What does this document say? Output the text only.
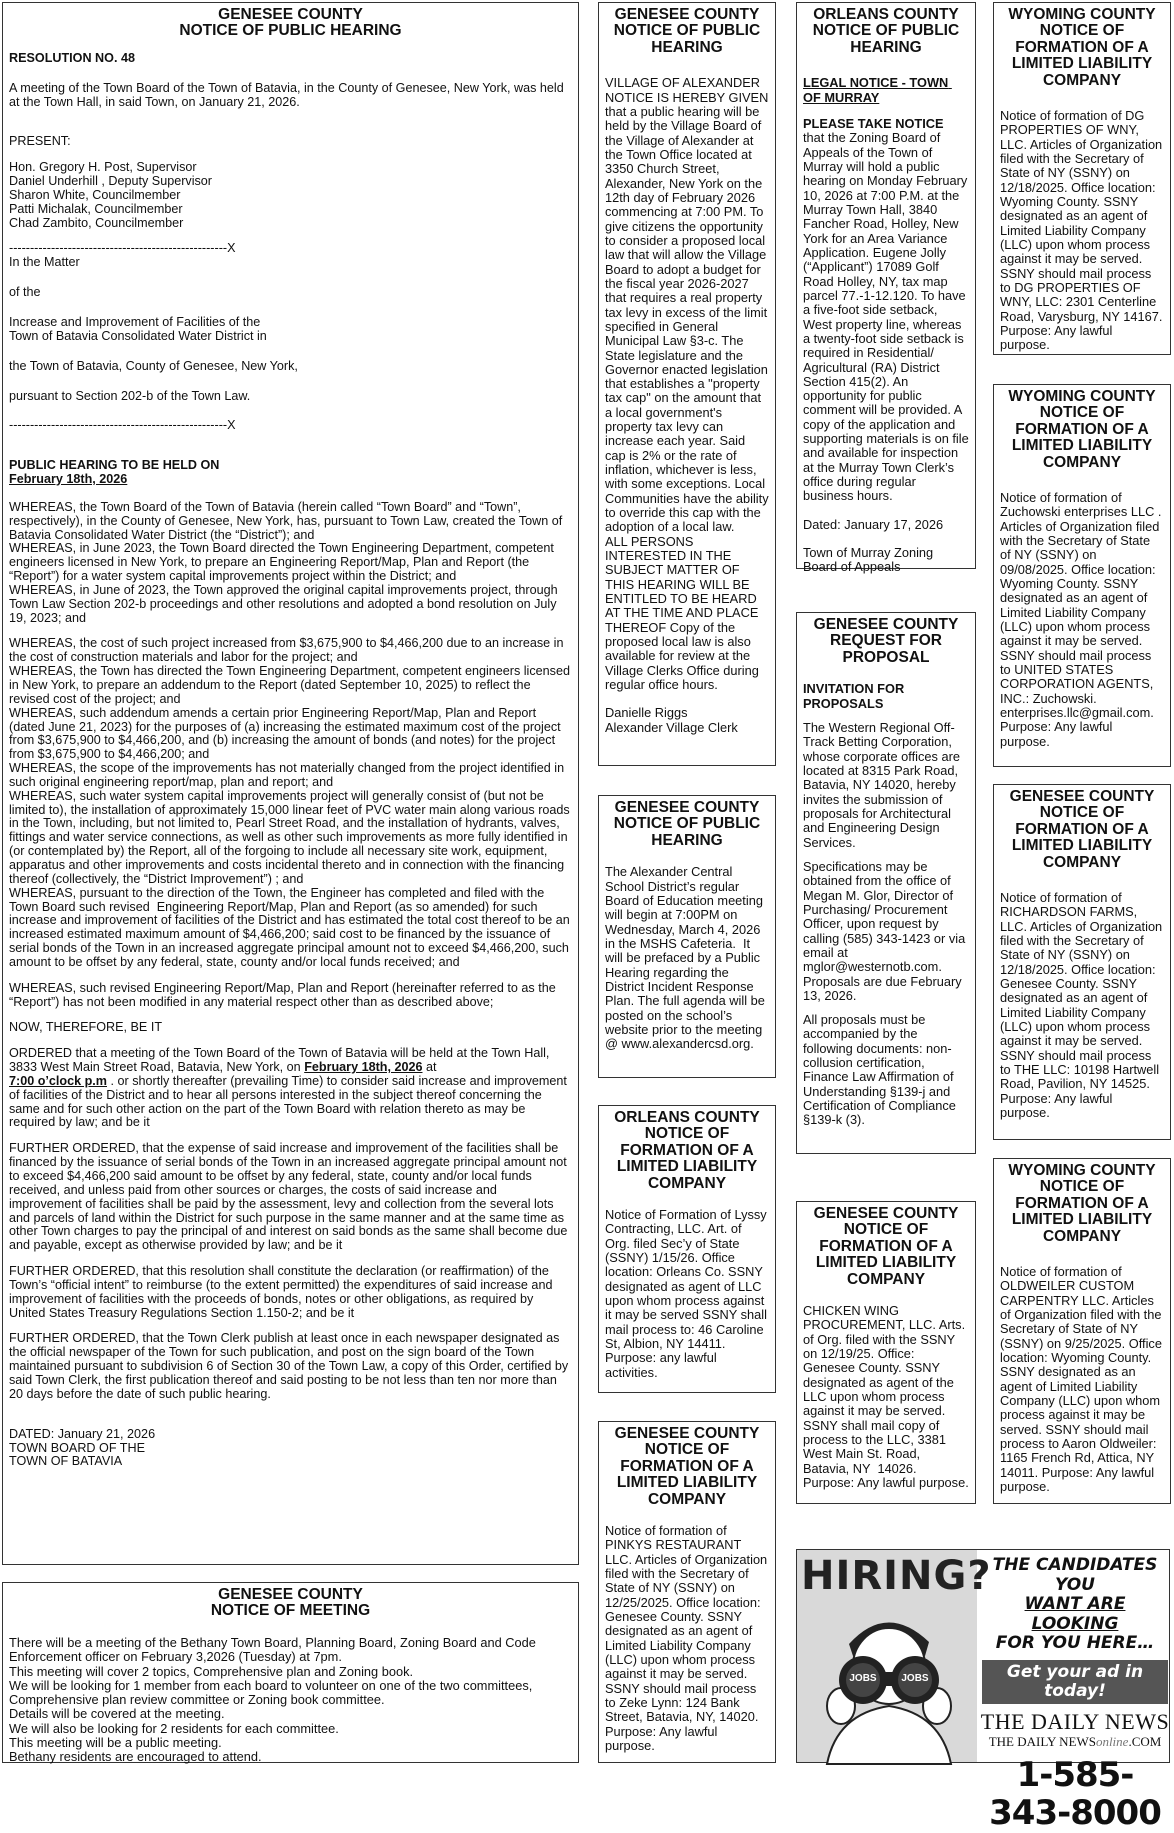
GENESEE COUNTY
NOTICE OF PUBLIC HEARING
RESOLUTION NO. 48
A meeting of the Town Board of the Town of Batavia, in the County of Genesee, New York, was held at the Town Hall, in said Town, on January 21, 2026.
PRESENT:
Hon. Gregory H. Post, Supervisor
Daniel Underhill , Deputy Supervisor
Sharon White, Councilmember
Patti Michalak, Councilmember
Chad Zambito, Councilmember
----------------------------------------------------X
In the Matter
of the
Increase and Improvement of Facilities of the
Town of Batavia Consolidated Water District in
the Town of Batavia, County of Genesee, New York,
pursuant to Section 202-b of the Town Law.
----------------------------------------------------X
PUBLIC HEARING TO BE HELD ON
February 18th, 2026
WHEREAS, the Town Board of the Town of Batavia (herein called “Town Board” and “Town”, respectively), in the County of Genesee, New York, has, pursuant to Town Law, created the Town of Batavia Consolidated Water District (the “District”); and
WHEREAS, in June 2023, the Town Board directed the Town Engineering Department, competent engineers licensed in New York, to prepare an Engineering Report/Map, Plan and Report (the “Report”) for a water system capital improvements project within the District; and
WHEREAS, in June of 2023, the Town approved the original capital improvements project, through Town Law Section 202-b proceedings and other resolutions and adopted a bond resolution on July 19, 2023; and
WHEREAS, the cost of such project increased from $3,675,900 to $4,466,200 due to an increase in the cost of construction materials and labor for the project; and
WHEREAS, the Town has directed the Town Engineering Department, competent engineers licensed in New York, to prepare an addendum to the Report (dated September 10, 2025) to reflect the revised cost of the project; and
WHEREAS, such addendum amends a certain prior Engineering Report/Map, Plan and Report (dated June 21, 2023) for the purposes of (a) increasing the estimated maximum cost of the project from $3,675,900 to $4,466,200, and (b) increasing the amount of bonds (and notes) for the project from $3,675,900 to $4,466,200; and
WHEREAS, the scope of the improvements has not materially changed from the project identified in such original engineering report/map, plan and report; and
WHEREAS, such water system capital improvements project will generally consist of (but not be limited to), the installation of approximately 15,000 linear feet of PVC water main along various roads in the Town, including, but not limited to, Pearl Street Road, and the installation of hydrants, valves, fittings and water service connections, as well as other such improvements as more fully identified in (or contemplated by) the Report, all of the forgoing to include all necessary site work, equipment, apparatus and other improvements and costs incidental thereto and in connection with the financing thereof (collectively, the “District Improvement”) ; and
WHEREAS, pursuant to the direction of the Town, the Engineer has completed and filed with the Town Board such revised  Engineering Report/Map, Plan and Report (as so amended) for such increase and improvement of facilities of the District and has estimated the total cost thereof to be an increased estimated maximum amount of $4,466,200; said cost to be financed by the issuance of serial bonds of the Town in an increased aggregate principal amount not to exceed $4,466,200, such amount to be offset by any federal, state, county and/or local funds received; and
WHEREAS, such revised Engineering Report/Map, Plan and Report (hereinafter referred to as the “Report”) has not been modified in any material respect other than as described above;
NOW, THEREFORE, BE IT
ORDERED that a meeting of the Town Board of the Town of Batavia will be held at the Town Hall, 3833 West Main Street Road, Batavia, New York, on February 18th, 2026 at
7:00 o’clock p.m . or shortly thereafter (prevailing Time) to consider said increase and improvement of facilities of the District and to hear all persons interested in the subject thereof concerning the same and for such other action on the part of the Town Board with relation thereto as may be required by law; and be it
FURTHER ORDERED, that the expense of said increase and improvement of the facilities shall be financed by the issuance of serial bonds of the Town in an increased aggregate principal amount not to exceed $4,466,200 said amount to be offset by any federal, state, county and/or local funds received, and unless paid from other sources or charges, the costs of said increase and improvement of facilities shall be paid by the assessment, levy and collection from the several lots and parcels of land within the District for such purpose in the same manner and at the same time as other Town charges to pay the principal of and interest on said bonds as the same shall become due and payable, except as otherwise provided by law; and be it
FURTHER ORDERED, that this resolution shall constitute the declaration (or reaffirmation) of the Town’s “official intent” to reimburse (to the extent permitted) the expenditures of said increase and improvement of facilities with the proceeds of bonds, notes or other obligations, as required by United States Treasury Regulations Section 1.150-2; and be it
FURTHER ORDERED, that the Town Clerk publish at least once in each newspaper designated as the official newspaper of the Town for such publication, and post on the sign board of the Town maintained pursuant to subdivision 6 of Section 30 of the Town Law, a copy of this Order, certified by said Town Clerk, the first publication thereof and said posting to be not less than ten nor more than 20 days before the date of such public hearing.
DATED: January 21, 2026
TOWN BOARD OF THE
TOWN OF BATAVIA
GENESEE COUNTY
NOTICE OF MEETING
There will be a meeting of the Bethany Town Board, Planning Board, Zoning Board and Code Enforcement officer on February 3,2026 (Tuesday) at 7pm.
This meeting will cover 2 topics, Comprehensive plan and Zoning book.
We will be looking for 1 member from each board to volunteer on one of the two committees, Comprehensive plan review committee or Zoning book committee.
Details will be covered at the meeting.
We will also be looking for 2 residents for each committee.
This meeting will be a public meeting.
Bethany residents are encouraged to attend.
GENESEE COUNTY
NOTICE OF PUBLIC
HEARING
VILLAGE OF ALEXANDER NOTICE IS HEREBY GIVEN that a public hearing will be held by the Village Board of the Village of Alexander at the Town Office located at 3350 Church Street, Alexander, New York on the 12th day of February 2026 commencing at 7:00 PM. To give citizens the opportunity to consider a proposed local law that will allow the Village Board to adopt a budget for the fiscal year 2026-2027 that requires a real property tax levy in excess of the limit specified in General Municipal Law §3-c. The State legislature and the Governor enacted legislation that establishes a "property tax cap" on the amount that a local government's property tax levy can increase each year. Said cap is 2% or the rate of inflation, whichever is less, with some exceptions. Local Communities have the ability to override this cap with the adoption of a local law.
ALL PERSONS INTERESTED IN THE SUBJECT MATTER OF THIS HEARING WILL BE ENTITLED TO BE HEARD AT THE TIME AND PLACE THEREOF Copy of the proposed local law is also available for review at the Village Clerks Office during regular office hours.
Danielle Riggs
Alexander Village Clerk
GENESEE COUNTY
NOTICE OF PUBLIC
HEARING
The Alexander Central School District’s regular Board of Education meeting will begin at 7:00PM on Wednesday, March 4, 2026 in the MSHS Cafeteria.  It will be prefaced by a Public Hearing regarding the District Incident Response Plan. The full agenda will be posted on the school’s website prior to the meeting @ www.alexandercsd.org.
ORLEANS COUNTY
NOTICE OF
FORMATION OF A
LIMITED LIABILITY
COMPANY
Notice of Formation of Lyssy Contracting, LLC. Art. of Org. filed Sec’y of State (SSNY) 1/15/26. Office location: Orleans Co. SSNY designated as agent of LLC upon whom process against it may be served SSNY shall mail process to: 46 Caroline St, Albion, NY 14411. Purpose: any lawful activities.
GENESEE COUNTY
NOTICE OF
FORMATION OF A
LIMITED LIABILITY
COMPANY
Notice of formation of PINKYS RESTAURANT LLC. Articles of Organization filed with the Secretary of State of NY (SSNY) on 12/25/2025. Office location: Genesee County. SSNY designated as an agent of Limited Liability Company (LLC) upon whom process against it may be served. SSNY should mail process to Zeke Lynn: 124 Bank Street, Batavia, NY, 14020. Purpose: Any lawful purpose.
ORLEANS COUNTY
NOTICE OF PUBLIC
HEARING
LEGAL NOTICE - TOWN OF MURRAY
PLEASE TAKE NOTICE
that the Zoning Board of Appeals of the Town of Murray will hold a public hearing on Monday February 10, 2026 at 7:00 P.M. at the Murray Town Hall, 3840 Fancher Road, Holley, New York for an Area Variance Application. Eugene Jolly (“Applicant”) 17089 Golf Road Holley, NY, tax map parcel 77.-1-12.120. To have a five-foot side setback, West property line, whereas a twenty-foot side setback is required in Residential/ Agricultural (RA) District Section 415(2). An opportunity for public comment will be provided. A copy of the application and supporting materials is on file and available for inspection at the Murray Town Clerk’s office during regular business hours.
Dated: January 17, 2026
Town of Murray Zoning Board of Appeals
GENESEE COUNTY
REQUEST FOR
PROPOSAL
INVITATION FOR PROPOSALS
The Western Regional Off-Track Betting Corporation, whose corporate offices are located at 8315 Park Road, Batavia, NY 14020, hereby invites the submission of proposals for Architectural and Engineering Design Services.
Specifications may be obtained from the office of Megan M. Glor, Director of Purchasing/ Procurement Officer, upon request by calling (585) 343-1423 or via email at mglor@westernotb.com. Proposals are due February 13, 2026.
All proposals must be accompanied by the following documents: non-collusion certification, Finance Law Affirmation of Understanding §139-j and Certification of Compliance §139-k (3).
GENESEE COUNTY
NOTICE OF
FORMATION OF A
LIMITED LIABILITY
COMPANY
CHICKEN WING PROCUREMENT, LLC. Arts. of Org. filed with the SSNY on 12/19/25. Office: Genesee County. SSNY designated as agent of the LLC upon whom process against it may be served.  SSNY shall mail copy of process to the LLC, 3381 West Main St. Road, Batavia, NY  14026. Purpose: Any lawful purpose.
WYOMING COUNTY
NOTICE OF
FORMATION OF A
LIMITED LIABILITY
COMPANY
Notice of formation of DG PROPERTIES OF WNY, LLC. Articles of Organization filed with the Secretary of State of NY (SSNY) on 12/18/2025. Office location: Wyoming County. SSNY designated as an agent of Limited Liability Company (LLC) upon whom process against it may be served. SSNY should mail process to DG PROPERTIES OF WNY, LLC: 2301 Centerline Road, Varysburg, NY 14167. Purpose: Any lawful purpose.
WYOMING COUNTY
NOTICE OF
FORMATION OF A
LIMITED LIABILITY
COMPANY
Notice of formation of Zuchowski enterprises LLC . Articles of Organization filed with the Secretary of State of NY (SSNY) on 09/08/2025. Office location: Wyoming County. SSNY designated as an agent of Limited Liability Company (LLC) upon whom process against it may be served. SSNY should mail process to UNITED STATES CORPORATION AGENTS, INC.: Zuchowski. enterprises.llc@gmail.com. Purpose: Any lawful purpose.
GENESEE COUNTY
NOTICE OF
FORMATION OF A
LIMITED LIABILITY
COMPANY
Notice of formation of RICHARDSON FARMS, LLC. Articles of Organization filed with the Secretary of State of NY (SSNY) on 12/18/2025. Office location: Genesee County. SSNY designated as an agent of Limited Liability Company (LLC) upon whom process against it may be served. SSNY should mail process to THE LLC: 10198 Hartwell Road, Pavilion, NY 14525. Purpose: Any lawful purpose.
WYOMING COUNTY
NOTICE OF
FORMATION OF A
LIMITED LIABILITY
COMPANY
Notice of formation of OLDWEILER CUSTOM CARPENTRY LLC. Articles of Organization filed with the Secretary of State of NY (SSNY) on 9/25/2025. Office location: Wyoming County. SSNY designated as an agent of Limited Liability Company (LLC) upon whom process against it may be served. SSNY should mail process to Aaron Oldweiler: 1165 French Rd, Attica, NY 14011. Purpose: Any lawful purpose.
HIRING?
JOBS	JOBS
THE CANDIDATES YOU
WANT ARE LOOKING
FOR YOU HERE…
Get your ad in today!
THE DAILY NEWS
THE DAILY NEWSonline.COM
1-585-343-8000
